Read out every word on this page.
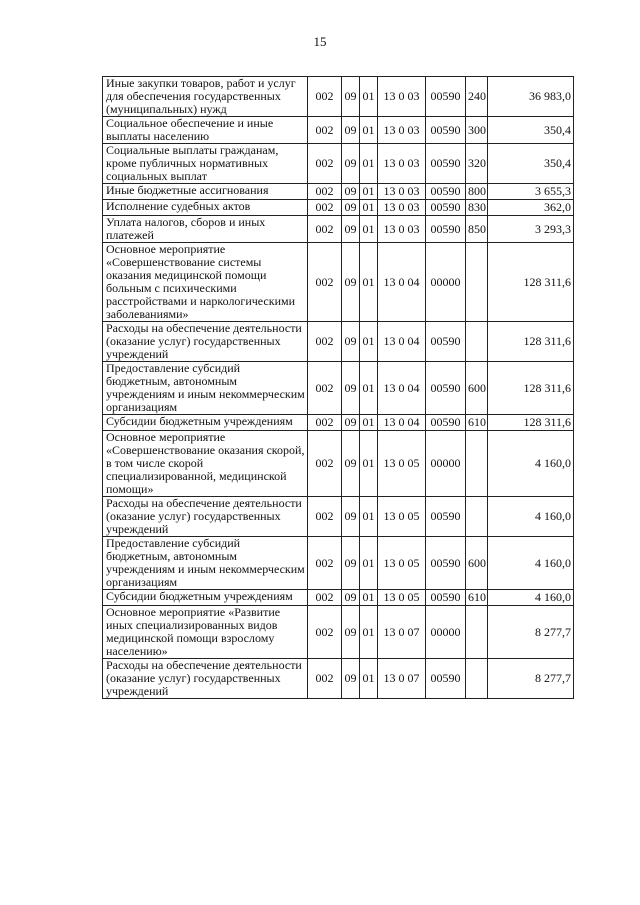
15
Иные закупки товаров, работ и услуг для обеспечения государственных (муниципальных) нужд	002	09	01	13 0 03	00590	240	36 983,0
Социальное обеспечение и иные выплаты населению	002	09	01	13 0 03	00590	300	350,4
Социальные выплаты гражданам, кроме публичных нормативных социальных выплат	002	09	01	13 0 03	00590	320	350,4
Иные бюджетные ассигнования	002	09	01	13 0 03	00590	800	3 655,3
Исполнение судебных актов	002	09	01	13 0 03	00590	830	362,0
Уплата налогов, сборов и иных платежей	002	09	01	13 0 03	00590	850	3 293,3
Основное мероприятие «Совершенствование системы оказания медицинской помощи больным с психическими расстройствами и наркологическими заболеваниями»	002	09	01	13 0 04	00000		128 311,6
Расходы на обеспечение деятельности (оказание услуг) государственных учреждений	002	09	01	13 0 04	00590		128 311,6
Предоставление субсидий бюджетным, автономным учреждениям и иным некоммерческим организациям	002	09	01	13 0 04	00590	600	128 311,6
Субсидии бюджетным учреждениям	002	09	01	13 0 04	00590	610	128 311,6
Основное мероприятие «Совершенствование оказания скорой, в том числе скорой специализированной, медицинской помощи»	002	09	01	13 0 05	00000		4 160,0
Расходы на обеспечение деятельности (оказание услуг) государственных учреждений	002	09	01	13 0 05	00590		4 160,0
Предоставление субсидий бюджетным, автономным учреждениям и иным некоммерческим организациям	002	09	01	13 0 05	00590	600	4 160,0
Субсидии бюджетным учреждениям	002	09	01	13 0 05	00590	610	4 160,0
Основное мероприятие «Развитие иных специализированных видов медицинской помощи взрослому населению»	002	09	01	13 0 07	00000		8 277,7
Расходы на обеспечение деятельности (оказание услуг) государственных учреждений	002	09	01	13 0 07	00590		8 277,7
